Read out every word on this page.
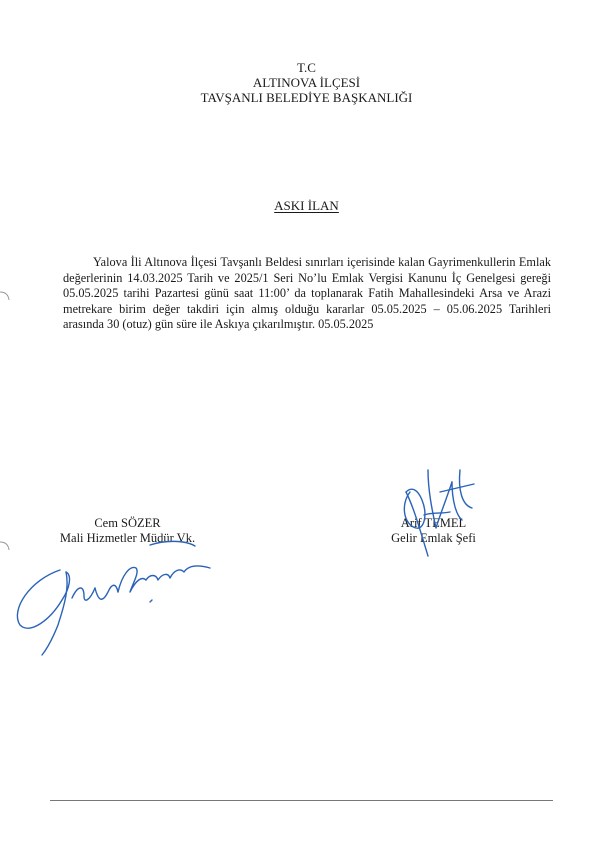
T.C
ALTINOVA İLÇESİ
TAVŞANLI BELEDİYE BAŞKANLIĞI
ASKI İLAN

Yalova İli Altınova İlçesi Tavşanlı Beldesi sınırları içerisinde kalan Gayrimenkullerin Emlak değerlerinin 14.03.2025 Tarih ve 2025/1 Seri No’lu Emlak Vergisi Kanunu İç Genelgesi gereği 05.05.2025 tarihi Pazartesi günü saat 11:00’ da toplanarak Fatih Mahallesindeki Arsa ve Arazi metrekare birim değer takdiri için almış olduğu kararlar 05.05.2025 – 05.06.2025 Tarihleri arasında 30 (otuz) gün süre ile Askıya çıkarılmıştır. 05.05.2025

Cem SÖZER
Mali Hizmetler Müdür Vk.
Arif TEMEL
Gelir Emlak Şefi
